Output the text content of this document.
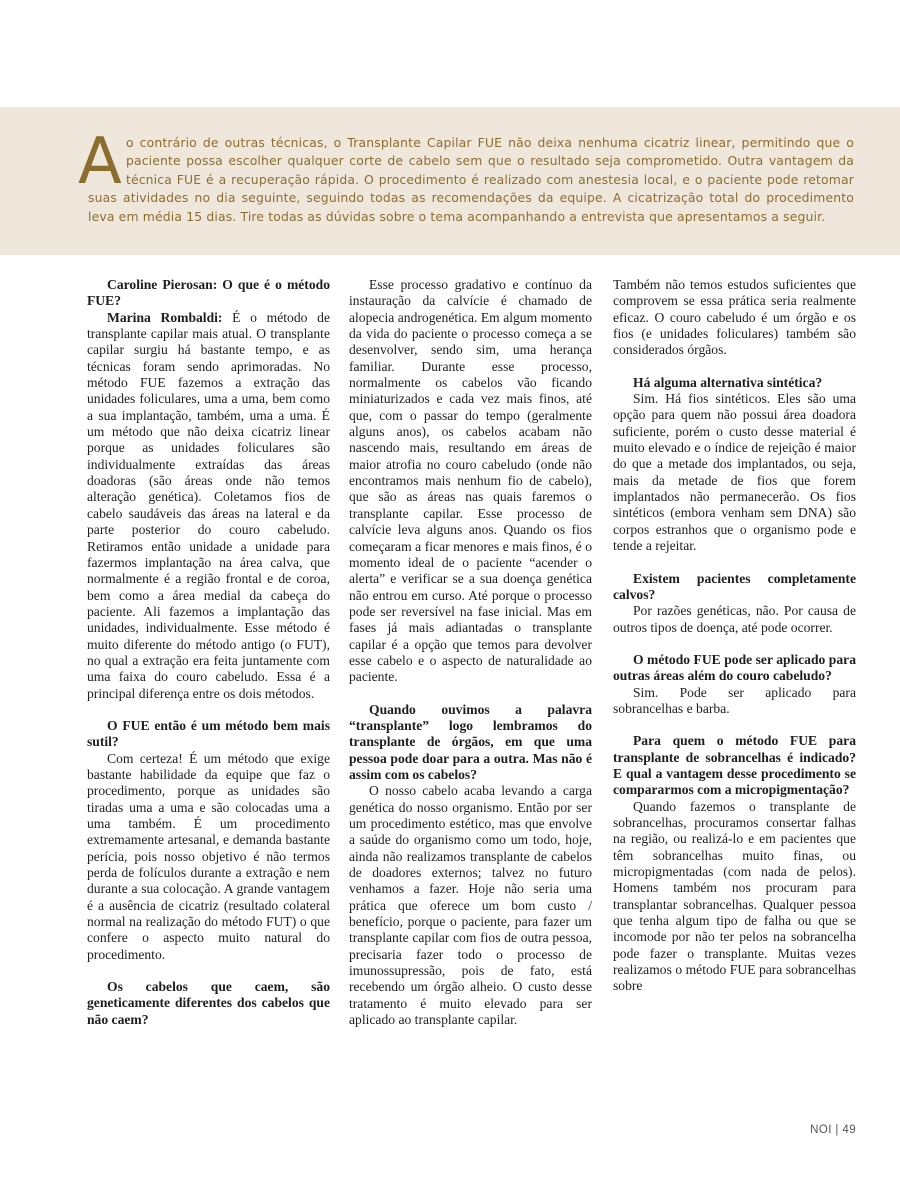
A o contrário de outras técnicas, o Transplante Capilar FUE não deixa nenhuma cicatriz linear, permitindo que o paciente possa escolher qualquer corte de cabelo sem que o resultado seja comprometido. Outra vantagem da técnica FUE é a recuperação rápida. O procedimento é realizado com anestesia local, e o paciente pode retomar suas atividades no dia seguinte, seguindo todas as recomendações da equipe. A cicatrização total do procedimento leva em média 15 dias. Tire todas as dúvidas sobre o tema acompanhando a entrevista que apresentamos a seguir.

Caroline Pierosan: O que é o método FUE?

Marina Rombaldi: É o método de transplante capilar mais atual. O transplante capilar surgiu há bastante tempo, e as técnicas foram sendo aprimoradas. No método FUE fazemos a extração das unidades foliculares, uma a uma, bem como a sua implantação, também, uma a uma. É um método que não deixa cicatriz linear porque as unidades foliculares são individualmente extraídas das áreas doadoras (são áreas onde não temos alteração genética). Coletamos fios de cabelo saudáveis das áreas na lateral e da parte posterior do couro cabeludo. Retiramos então unidade a unidade para fazermos implantação na área calva, que normalmente é a região frontal e de coroa, bem como a área medial da cabeça do paciente. Ali fazemos a implantação das unidades, individualmente. Esse método é muito diferente do método antigo (o FUT), no qual a extração era feita juntamente com uma faixa do couro cabeludo. Essa é a principal diferença entre os dois métodos.

O FUE então é um método bem mais sutil?

Com certeza! É um método que exige bastante habilidade da equipe que faz o procedimento, porque as unidades são tiradas uma a uma e são colocadas uma a uma também. É um procedimento extremamente artesanal, e demanda bastante perícia, pois nosso objetivo é não termos perda de folículos durante a extração e nem durante a sua colocação. A grande vantagem é a ausência de cicatriz (resultado colateral normal na realização do método FUT) o que confere o aspecto muito natural do procedimento.

Os cabelos que caem, são geneticamente diferentes dos cabelos que não caem?

Esse processo gradativo e contínuo da instauração da calvície é chamado de alopecia androgenética. Em algum momento da vida do paciente o processo começa a se desenvolver, sendo sim, uma herança familiar. Durante esse processo, normalmente os cabelos vão ficando miniaturizados e cada vez mais finos, até que, com o passar do tempo (geralmente alguns anos), os cabelos acabam não nascendo mais, resultando em áreas de maior atrofia no couro cabeludo (onde não encontramos mais nenhum fio de cabelo), que são as áreas nas quais faremos o transplante capilar. Esse processo de calvície leva alguns anos. Quando os fios começaram a ficar menores e mais finos, é o momento ideal de o paciente “acender o alerta” e verificar se a sua doença genética não entrou em curso. Até porque o processo pode ser reversível na fase inicial. Mas em fases já mais adiantadas o transplante capilar é a opção que temos para devolver esse cabelo e o aspecto de naturalidade ao paciente.

Quando ouvimos a palavra “transplante” logo lembramos do transplante de órgãos, em que uma pessoa pode doar para a outra. Mas não é assim com os cabelos?

O nosso cabelo acaba levando a carga genética do nosso organismo. Então por ser um procedimento estético, mas que envolve a saúde do organismo como um todo, hoje, ainda não realizamos transplante de cabelos de doadores externos; talvez no futuro venhamos a fazer. Hoje não seria uma prática que oferece um bom custo / benefício, porque o paciente, para fazer um transplante capilar com fios de outra pessoa, precisaria fazer todo o processo de imunossupressão, pois de fato, está recebendo um órgão alheio. O custo desse tratamento é muito elevado para ser aplicado ao transplante capilar.

Também não temos estudos suficientes que comprovem se essa prática seria realmente eficaz. O couro cabeludo é um órgão e os fios (e unidades foliculares) também são considerados órgãos.

Há alguma alternativa sintética?

Sim. Há fios sintéticos. Eles são uma opção para quem não possui área doadora suficiente, porém o custo desse material é muito elevado e o índice de rejeição é maior do que a metade dos implantados, ou seja, mais da metade de fios que forem implantados não permanecerão. Os fios sintéticos (embora venham sem DNA) são corpos estranhos que o organismo pode e tende a rejeitar.

Existem pacientes completamente calvos?

Por razões genéticas, não. Por causa de outros tipos de doença, até pode ocorrer.

O método FUE pode ser aplicado para outras áreas além do couro cabeludo?

Sim. Pode ser aplicado para sobrancelhas e barba.

Para quem o método FUE para transplante de sobrancelhas é indicado? E qual a vantagem desse procedimento se compararmos com a micropigmentação?

Quando fazemos o transplante de sobrancelhas, procuramos consertar falhas na região, ou realizá-lo e em pacientes que têm sobrancelhas muito finas, ou micropigmentadas (com nada de pelos). Homens também nos procuram para transplantar sobrancelhas. Qualquer pessoa que tenha algum tipo de falha ou que se incomode por não ter pelos na sobrancelha pode fazer o transplante. Muitas vezes realizamos o método FUE para sobrancelhas sobre

NOI | 49
